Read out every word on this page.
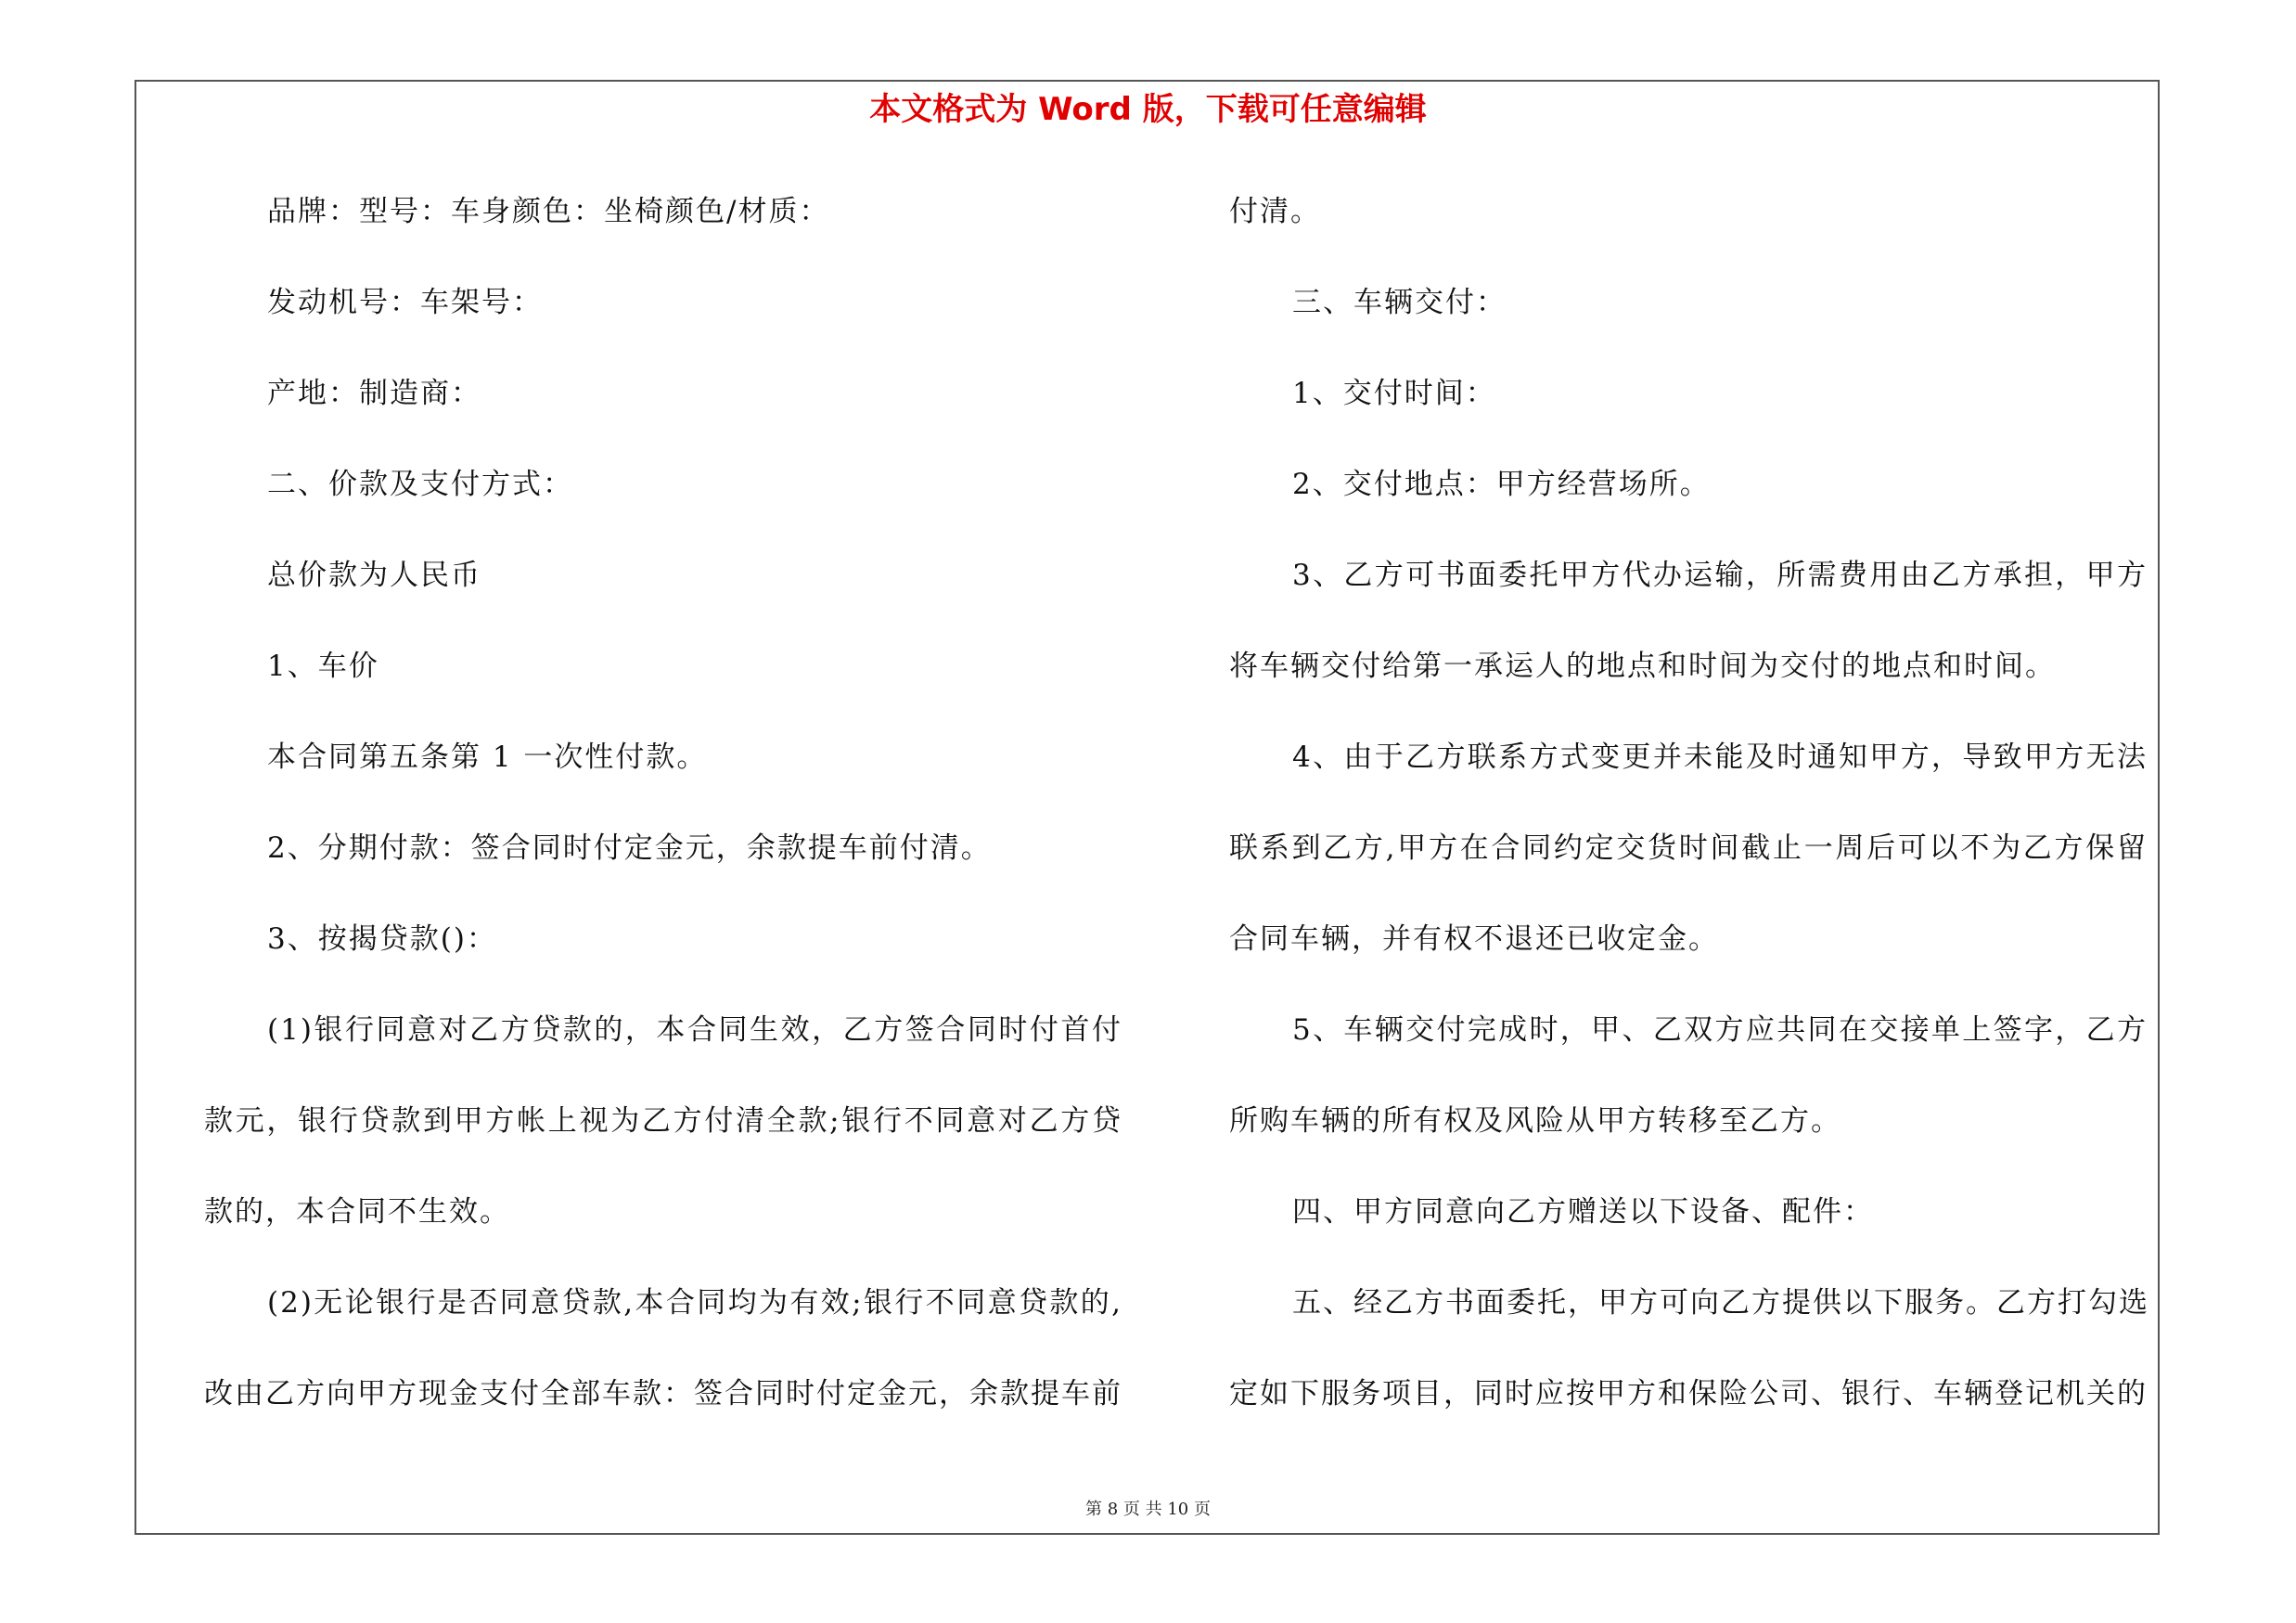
本文格式为 Word 版，下载可任意编辑
品牌：型号：车身颜色：坐椅颜色/材质：
发动机号：车架号：
产地：制造商：
二、价款及支付方式：
总价款为人民币
1、车价
本合同第五条第 1 一次性付款。
2、分期付款：签合同时付定金元，余款提车前付清。
3、按揭贷款()：
(1)银行同意对乙方贷款的，本合同生效，乙方签合同时付首付
款元，银行贷款到甲方帐上视为乙方付清全款;银行不同意对乙方贷
款的，本合同不生效。
(2)无论银行是否同意贷款,本合同均为有效;银行不同意贷款的,
改由乙方向甲方现金支付全部车款：签合同时付定金元，余款提车前
付清。
三、车辆交付：
1、交付时间：
2、交付地点：甲方经营场所。
3、乙方可书面委托甲方代办运输，所需费用由乙方承担，甲方
将车辆交付给第一承运人的地点和时间为交付的地点和时间。
4、由于乙方联系方式变更并未能及时通知甲方，导致甲方无法
联系到乙方,甲方在合同约定交货时间截止一周后可以不为乙方保留
合同车辆，并有权不退还已收定金。
5、车辆交付完成时，甲、乙双方应共同在交接单上签字，乙方
所购车辆的所有权及风险从甲方转移至乙方。
四、甲方同意向乙方赠送以下设备、配件：
五、经乙方书面委托，甲方可向乙方提供以下服务。乙方打勾选
定如下服务项目，同时应按甲方和保险公司、银行、车辆登记机关的
第 8 页 共 10 页
